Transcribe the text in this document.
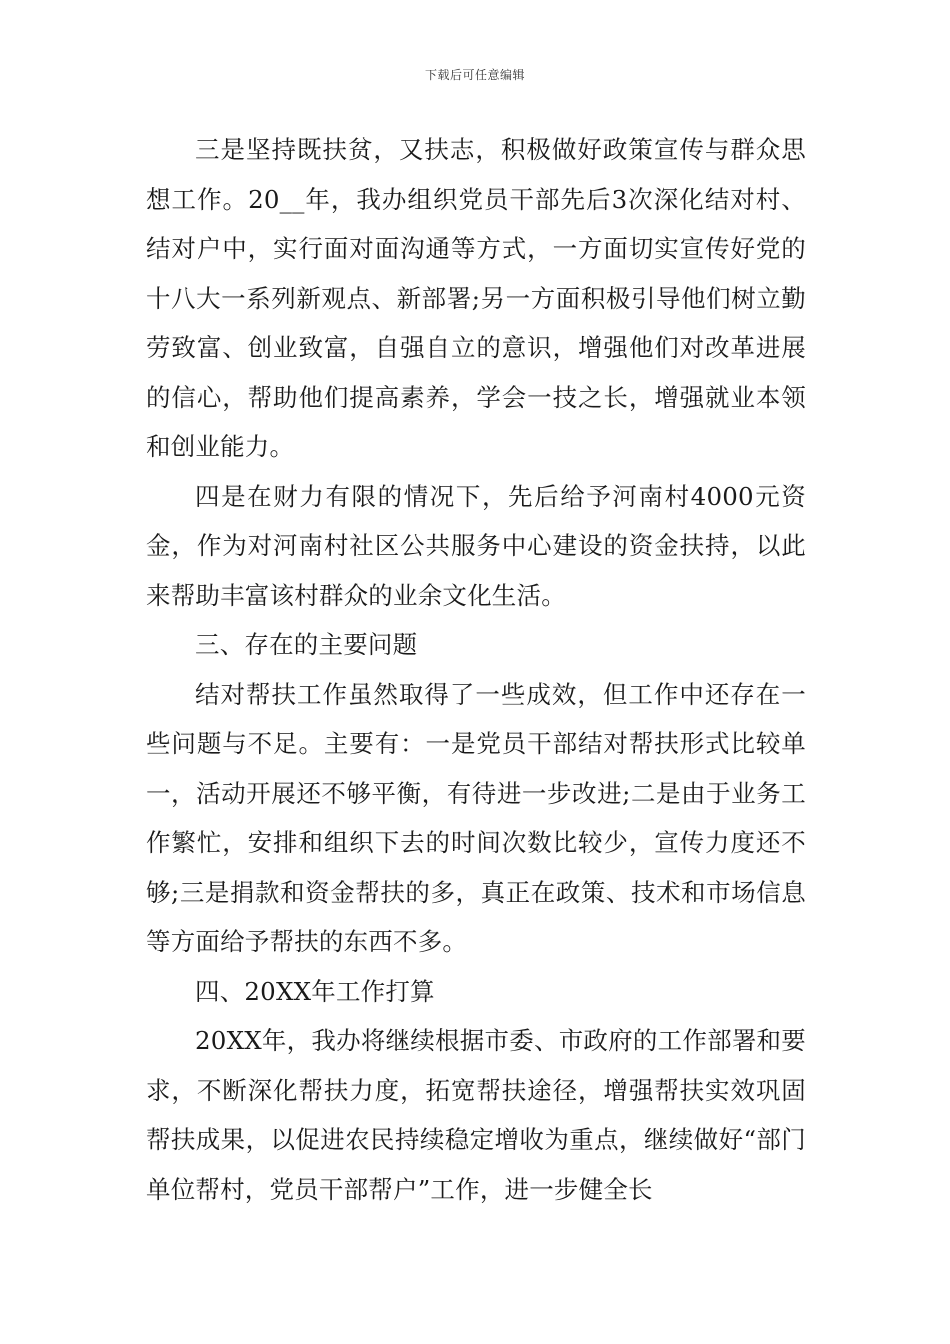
下载后可任意编辑

三是坚持既扶贫，又扶志，积极做好政策宣传与群众思想工作。20__年，我办组织党员干部先后3次深化结对村、结对户中，实行面对面沟通等方式，一方面切实宣传好党的十八大一系列新观点、新部署;另一方面积极引导他们树立勤劳致富、创业致富，自强自立的意识，增强他们对改革进展的信心，帮助他们提高素养，学会一技之长，增强就业本领和创业能力。

四是在财力有限的情况下，先后给予河南村4000元资金，作为对河南村社区公共服务中心建设的资金扶持，以此来帮助丰富该村群众的业余文化生活。

三、存在的主要问题

结对帮扶工作虽然取得了一些成效，但工作中还存在一些问题与不足。主要有：一是党员干部结对帮扶形式比较单一，活动开展还不够平衡，有待进一步改进;二是由于业务工作繁忙，安排和组织下去的时间次数比较少，宣传力度还不够;三是捐款和资金帮扶的多，真正在政策、技术和市场信息等方面给予帮扶的东西不多。

四、20XX年工作打算

20XX年，我办将继续根据市委、市政府的工作部署和要求，不断深化帮扶力度，拓宽帮扶途径，增强帮扶实效巩固帮扶成果，以促进农民持续稳定增收为重点，继续做好“部门单位帮村，党员干部帮户”工作，进一步健全长
